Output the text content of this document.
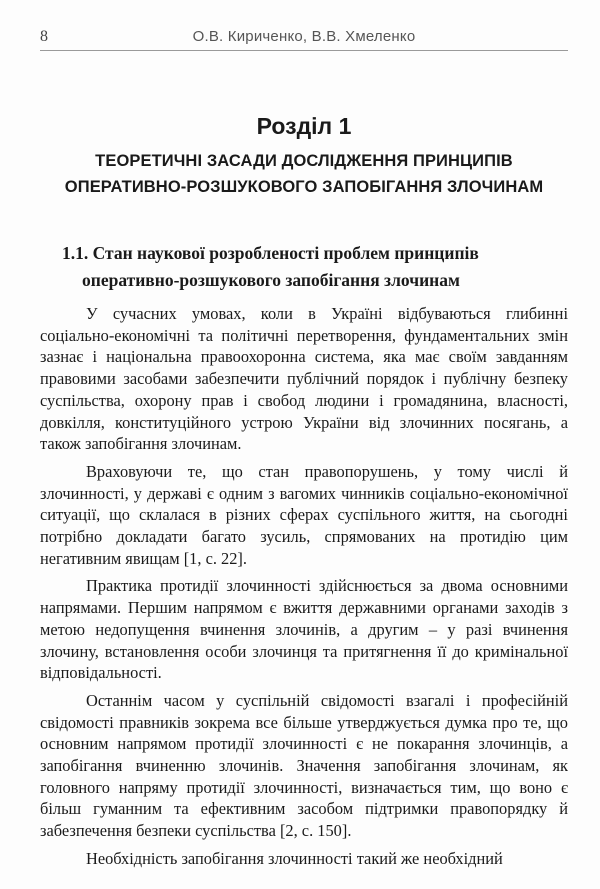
8	О.В. Кириченко, В.В. Хмеленко
Розділ 1
ТЕОРЕТИЧНІ ЗАСАДИ ДОСЛІДЖЕННЯ ПРИНЦИПІВ
ОПЕРАТИВНО-РОЗШУКОВОГО ЗАПОБІГАННЯ ЗЛОЧИНАМ
1.1. Стан наукової розробленості проблем принципів
оперативно-розшукового запобігання злочинам

У сучасних умовах, коли в Україні відбуваються глибинні соціально-економічні та політичні перетворення, фундаментальних змін зазнає і національна правоохоронна система, яка має своїм завданням правовими засобами забезпечити публічний порядок і публічну безпеку суспільства, охорону прав і свобод людини і громадянина, власності, довкілля, конституційного устрою України від злочинних посягань, а також запобігання злочинам.

Враховуючи те, що стан правопорушень, у тому числі й злочинності, у державі є одним з вагомих чинників соціально-економічної ситуації, що склалася в різних сферах суспільного життя, на сьогодні потрібно докладати багато зусиль, спрямованих на протидію цим негативним явищам [1, с. 22].

Практика протидії злочинності здійснюється за двома основними напрямами. Першим напрямом є вжиття державними органами заходів з метою недопущення вчинення злочинів, а другим – у разі вчинення злочину, встановлення особи злочинця та притягнення її до кримінальної відповідальності.

Останнім часом у суспільній свідомості взагалі і професійній свідомості правників зокрема все більше утверджується думка про те, що основним напрямом протидії злочинності є не покарання злочинців, а запобігання вчиненню злочинів. Значення запобігання злочинам, як головного напряму протидії злочинності, визначається тим, що воно є більш гуманним та ефективним засобом підтримки правопорядку й забезпечення безпеки суспільства [2, с. 150].

Необхідність запобігання злочинності такий же необхідний
